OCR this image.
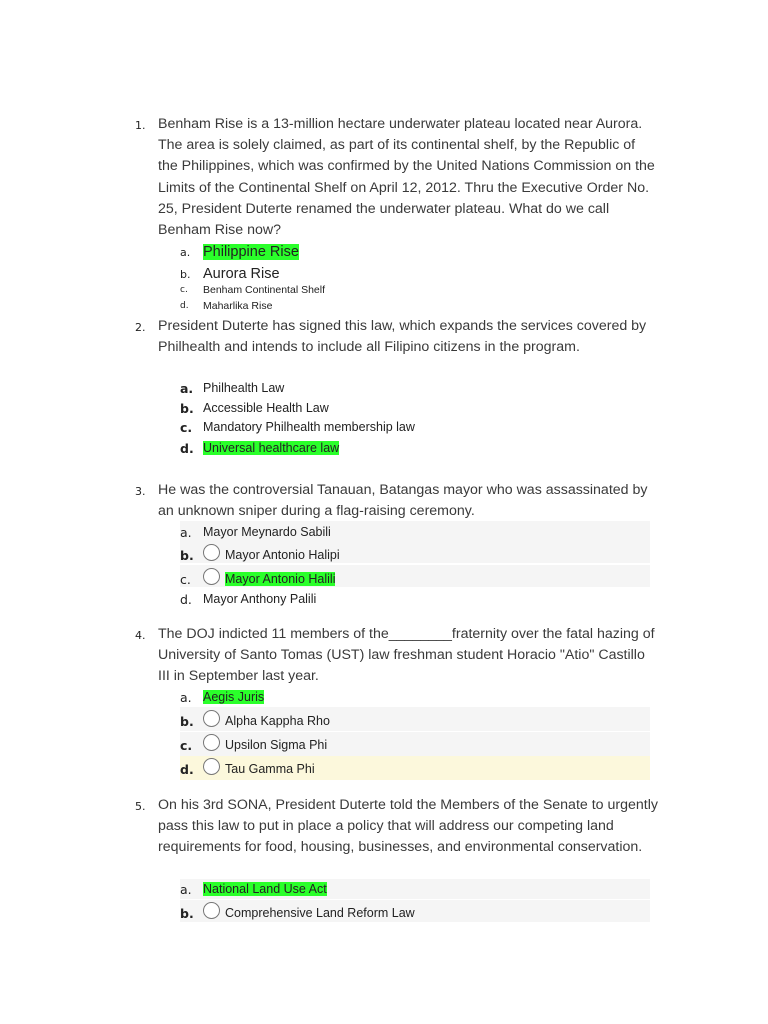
1. Benham Rise is a 13-million hectare underwater plateau located near Aurora. The area is solely claimed, as part of its continental shelf, by the Republic of the Philippines, which was confirmed by the United Nations Commission on the Limits of the Continental Shelf on April 12, 2012. Thru the Executive Order No. 25, President Duterte renamed the underwater plateau. What do we call Benham Rise now?
a. Philippine Rise
b. Aurora Rise
c.	Benham Continental Shelf
d.	Maharlika Rise
2. President Duterte has signed this law, which expands the services covered by Philhealth and intends to include all Filipino citizens in the program.
a. Philhealth Law
b. Accessible Health Law
c. Mandatory Philhealth membership law
d. Universal healthcare law
3. He was the controversial Tanauan, Batangas mayor who was assassinated by an unknown sniper during a flag-raising ceremony.
a. Mayor Meynardo Sabili
b.	Mayor Antonio Halipi
c.	Mayor Antonio Halili
d. Mayor Anthony Palili
4. The DOJ indicted 11 members of the________fraternity over the fatal hazing of University of Santo Tomas (UST) law freshman student Horacio "Atio" Castillo III in September last year.
a. Aegis Juris
b.	Alpha Kappha Rho
c.	Upsilon Sigma Phi
d.	Tau Gamma Phi
5. On his 3rd SONA, President Duterte told the Members of the Senate to urgently pass this law to put in place a policy that will address our competing land requirements for food, housing, businesses, and environmental conservation.
a. National Land Use Act
b.	Comprehensive Land Reform Law
